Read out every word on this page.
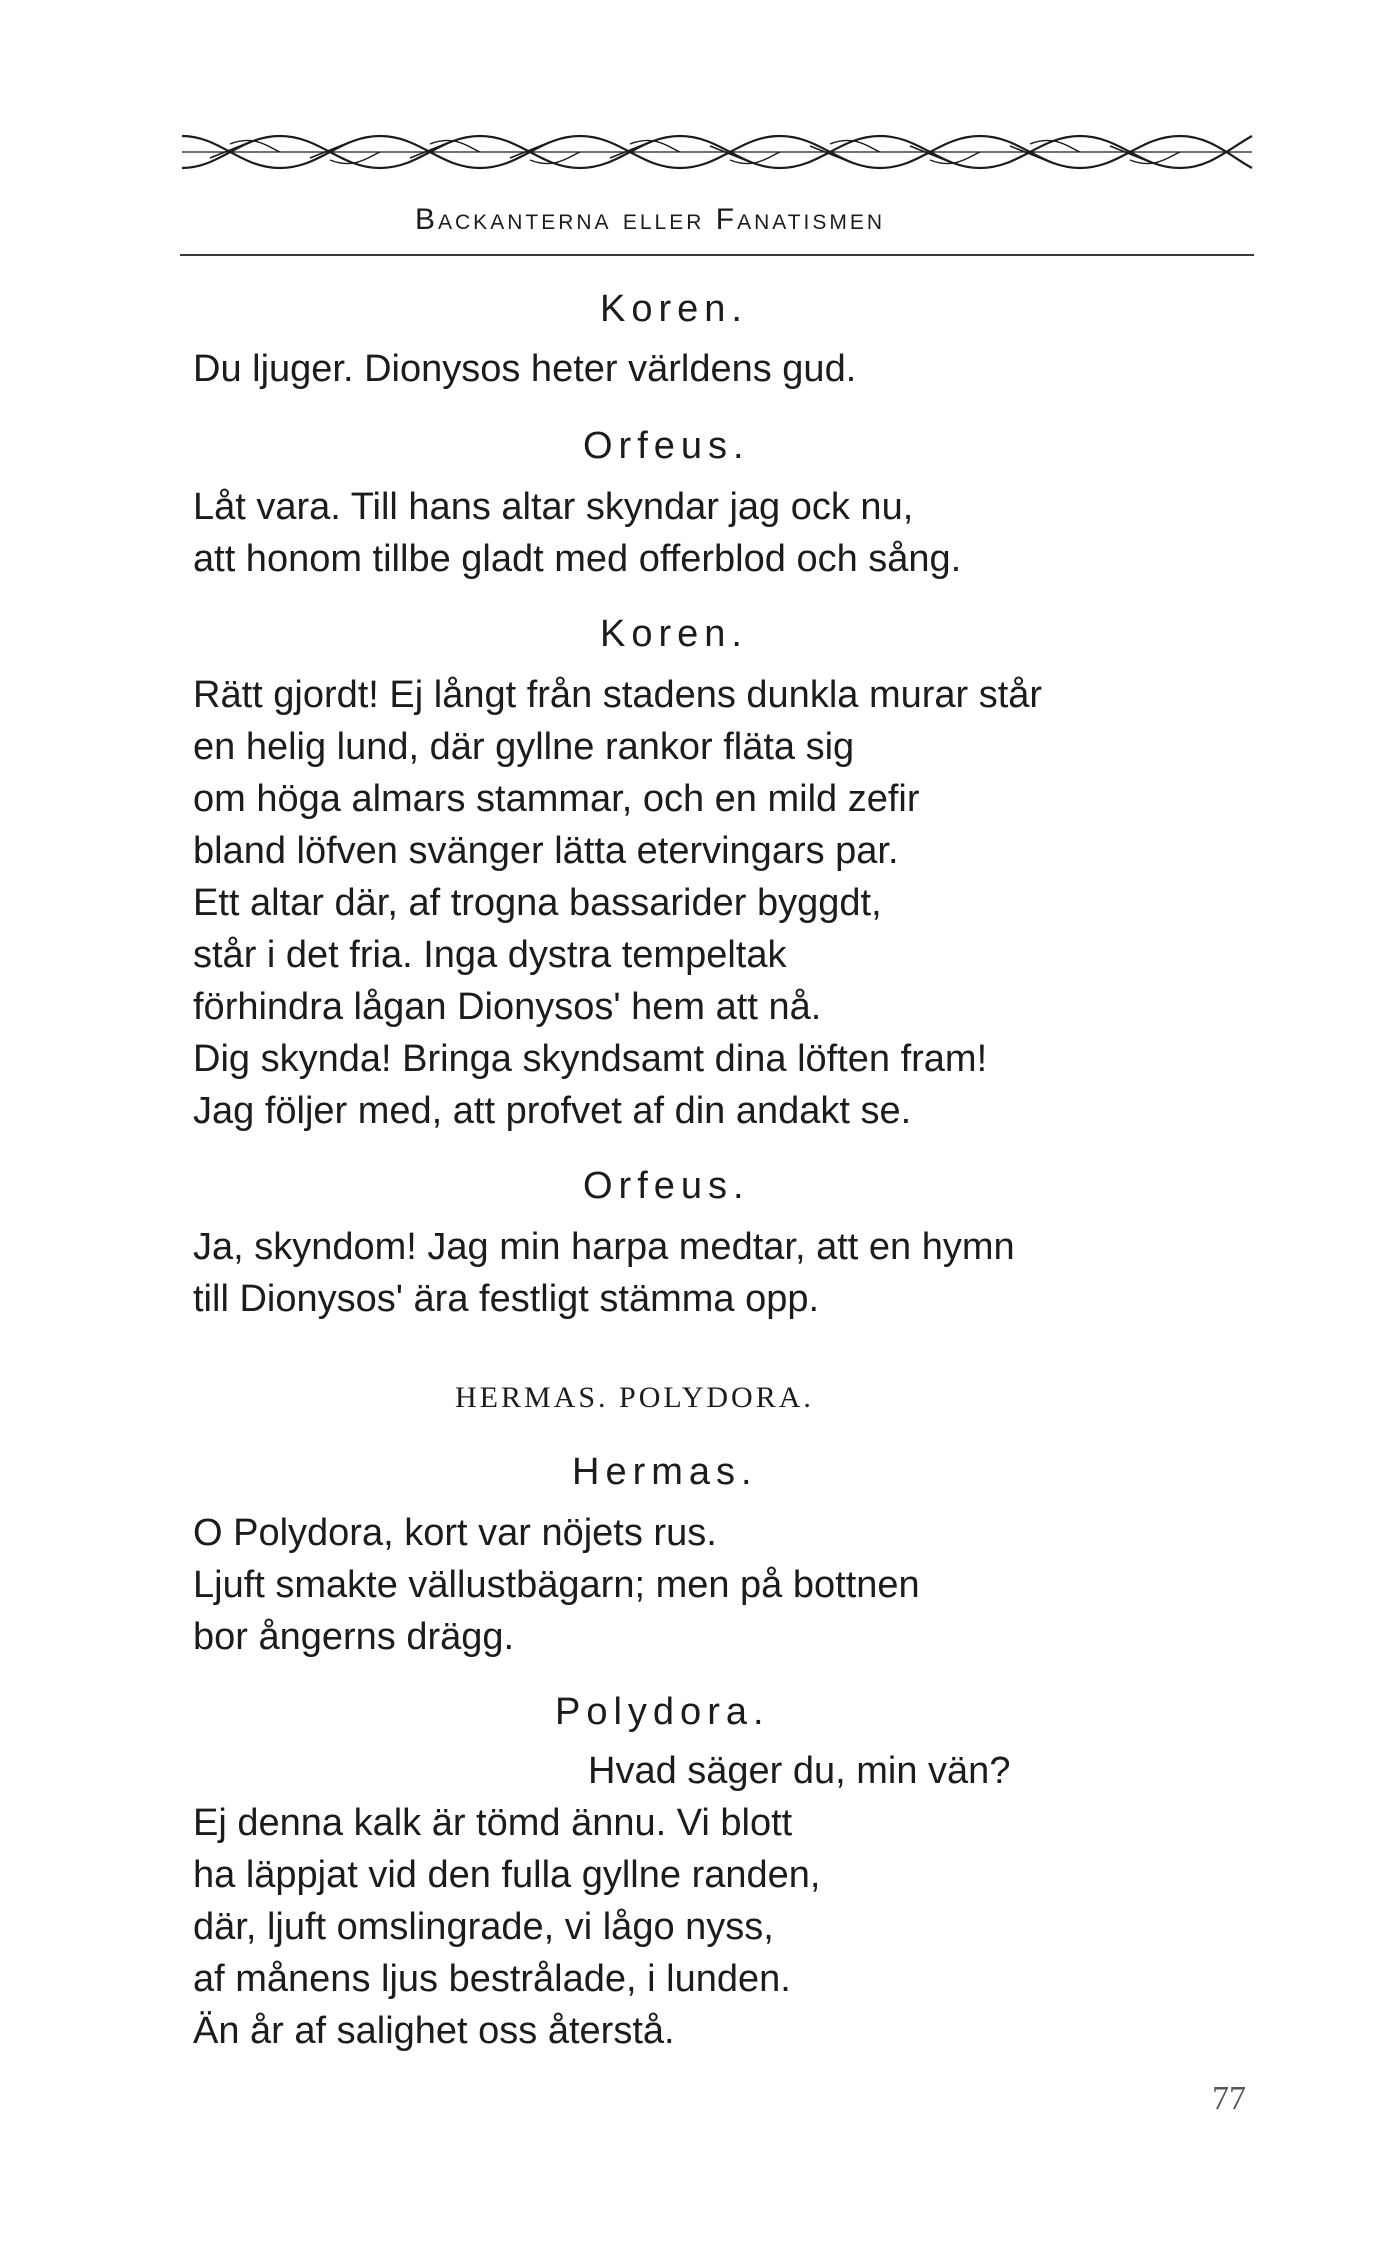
Backanterna eller Fanatismen
Koren.
Du ljuger. Dionysos heter världens gud.
Orfeus.
Låt vara. Till hans altar skyndar jag ock nu,
att honom tillbe gladt med offerblod och sång.
Koren.
Rätt gjordt! Ej långt från stadens dunkla murar står
en helig lund, där gyllne rankor fläta sig
om höga almars stammar, och en mild zefir
bland löfven svänger lätta etervingars par.
Ett altar där, af trogna bassarider byggdt,
står i det fria. Inga dystra tempeltak
förhindra lågan Dionysos' hem att nå.
Dig skynda! Bringa skyndsamt dina löften fram!
Jag följer med, att profvet af din andakt se.
Orfeus.
Ja, skyndom! Jag min harpa medtar, att en hymn
till Dionysos' ära festligt stämma opp.
HERMAS. POLYDORA.
Hermas.
O Polydora, kort var nöjets rus.
Ljuft smakte vällustbägarn; men på bottnen
bor ångerns drägg.
Polydora.
Hvad säger du, min vän?
Ej denna kalk är tömd ännu. Vi blott
ha läppjat vid den fulla gyllne randen,
där, ljuft omslingrade, vi lågo nyss,
af månens ljus bestrålade, i lunden.
Än år af salighet oss återstå.
77
